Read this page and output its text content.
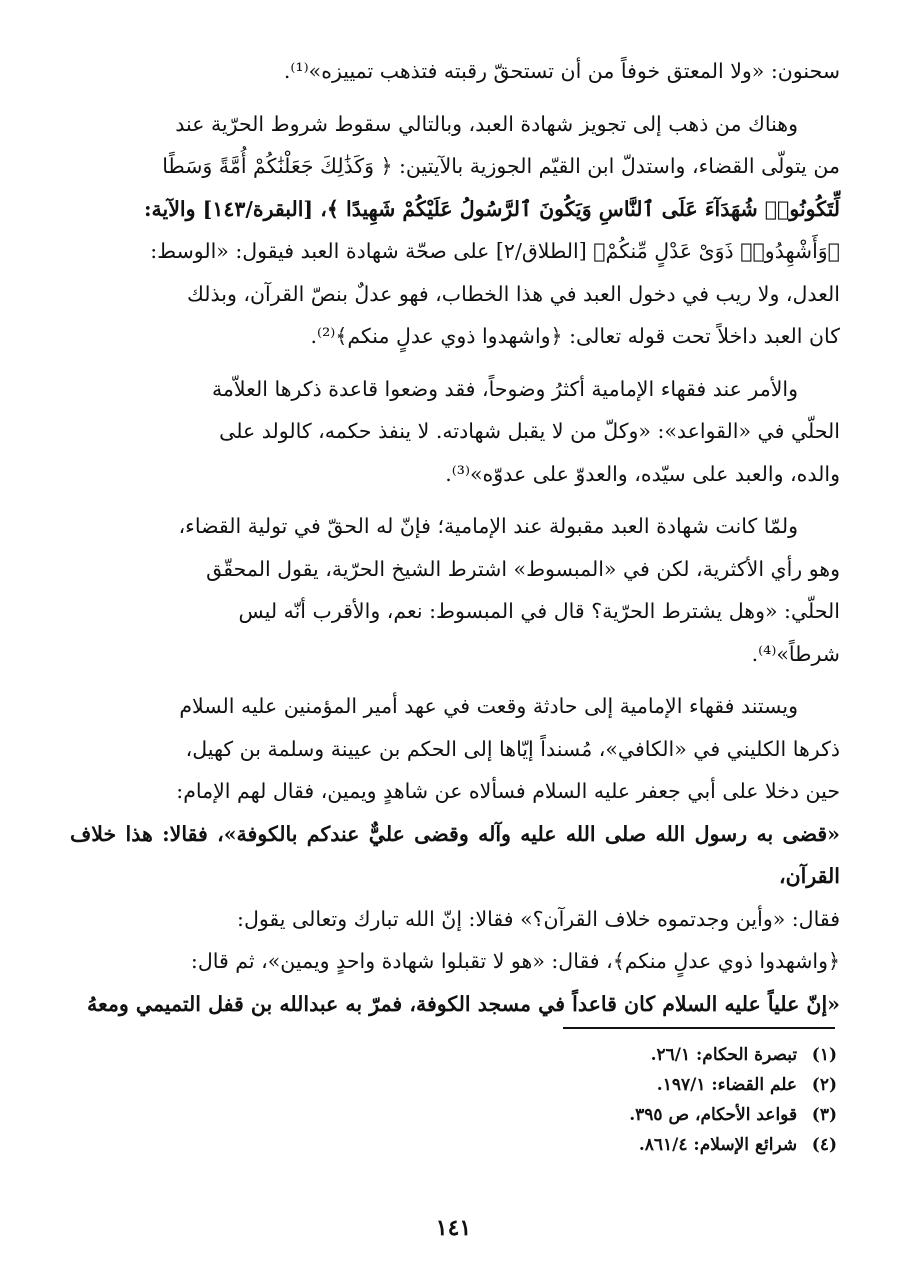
سحنون: «ولا المعتق خوفاً من أن تستحقّ رقبته فتذهب تمييزه»⁽¹⁾.
وهناك من ذهب إلى تجويز شهادة العبد، وبالتالي سقوط شروط الحرّية عند
من يتولّى القضاء، واستدلّ ابن القيّم الجوزية بالآيتين: ﴿ وَكَذَٰلِكَ جَعَلْنَٰكُمْ أُمَّةً وَسَطًا
لِّتَكُونُوا۟ شُهَدَآءَ عَلَى ٱلنَّاسِ وَيَكُونَ ٱلرَّسُولُ عَلَيْكُمْ شَهِيدًا ﴾، [البقرة/١٤٣] والآية:
﴿وَأَشْهِدُوا۟ ذَوَىْ عَدْلٍ مِّنكُمْ﴾ [الطلاق/٢] على صحّة شهادة العبد فيقول: «الوسط:
العدل، ولا ريب في دخول العبد في هذا الخطاب، فهو عدلٌ بنصّ القرآن، وبذلك
كان العبد داخلاً تحت قوله تعالى: ﴿واشهدوا ذوي عدلٍ منكم﴾⁽²⁾.
والأمر عند فقهاء الإمامية أكثرُ وضوحاً، فقد وضعوا قاعدة ذكرها العلاّمة
الحلّي في «القواعد»: «وكلّ من لا يقبل شهادته. لا ينفذ حكمه، كالولد على
والده، والعبد على سيّده، والعدوّ على عدوّه»⁽³⁾.
ولمّا كانت شهادة العبد مقبولة عند الإمامية؛ فإنّ له الحقّ في تولية القضاء،
وهو رأي الأكثرية، لكن في «المبسوط» اشترط الشيخ الحرّية، يقول المحقّق
الحلّي: «وهل يشترط الحرّية؟ قال في المبسوط: نعم، والأقرب أنّه ليس
شرطاً»⁽⁴⁾.
ويستند فقهاء الإمامية إلى حادثة وقعت في عهد أمير المؤمنين عليه السلام
ذكرها الكليني في «الكافي»، مُسنداً إيّاها إلى الحكم بن عيينة وسلمة بن كهيل،
حين دخلا على أبي جعفر عليه السلام فسألاه عن شاهدٍ ويمين، فقال لهم الإمام:
«قضى به رسول الله صلى الله عليه وآله وقضى عليٌّ عندكم بالكوفة»، فقالا: هذا خلاف القرآن،
فقال: «وأين وجدتموه خلاف القرآن؟» فقالا: إنّ الله تبارك وتعالى يقول:
﴿واشهدوا ذوي عدلٍ منكم﴾، فقال: «هو لا تقبلوا شهادة واحدٍ ويمين»، ثم قال:
«إنّ علياً عليه السلام كان قاعداً في مسجد الكوفة، فمرّ به عبدالله بن قفل التميمي ومعهُ
(١) تبصرة الحكام: ٢٦/١.
(٢) علم القضاء: ١٩٧/١.
(٣) قواعد الأحكام، ص ٣٩٥.
(٤) شرائع الإسلام: ٨٦١/٤.
١٤١
